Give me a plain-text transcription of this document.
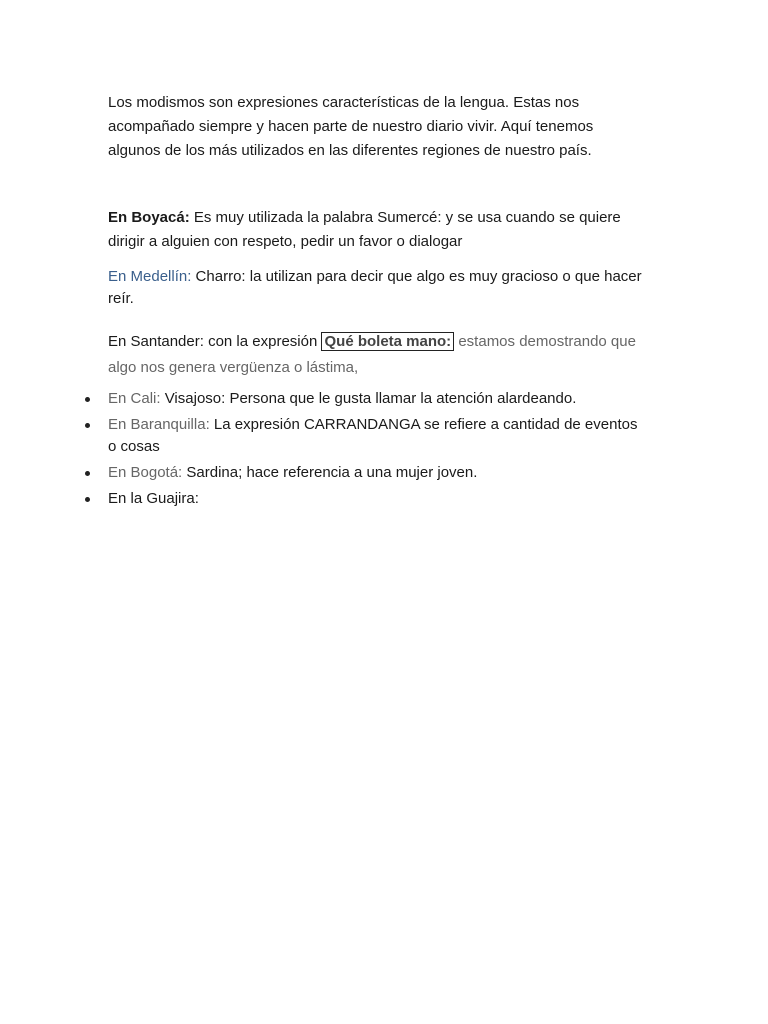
Los modismos son expresiones características de la lengua. Estas nos acompañado siempre y hacen parte de nuestro diario vivir. Aquí tenemos algunos de los más utilizados en las diferentes regiones de nuestro país.

En Boyacá: Es muy utilizada la palabra Sumercé: y se usa cuando se quiere dirigir a alguien con respeto, pedir un favor o dialogar

En Medellín: Charro: la utilizan para decir que algo es muy gracioso o que hacer reír.

En Santander: con la expresión Qué boleta mano: estamos demostrando que algo nos genera vergüenza o lástima,

En Cali: Visajoso: Persona que le gusta llamar la atención alardeando.
En Baranquilla: La expresión CARRANDANGA se refiere a cantidad de eventos o cosas
En Bogotá: Sardina; hace referencia a una mujer joven.
En la Guajira:
